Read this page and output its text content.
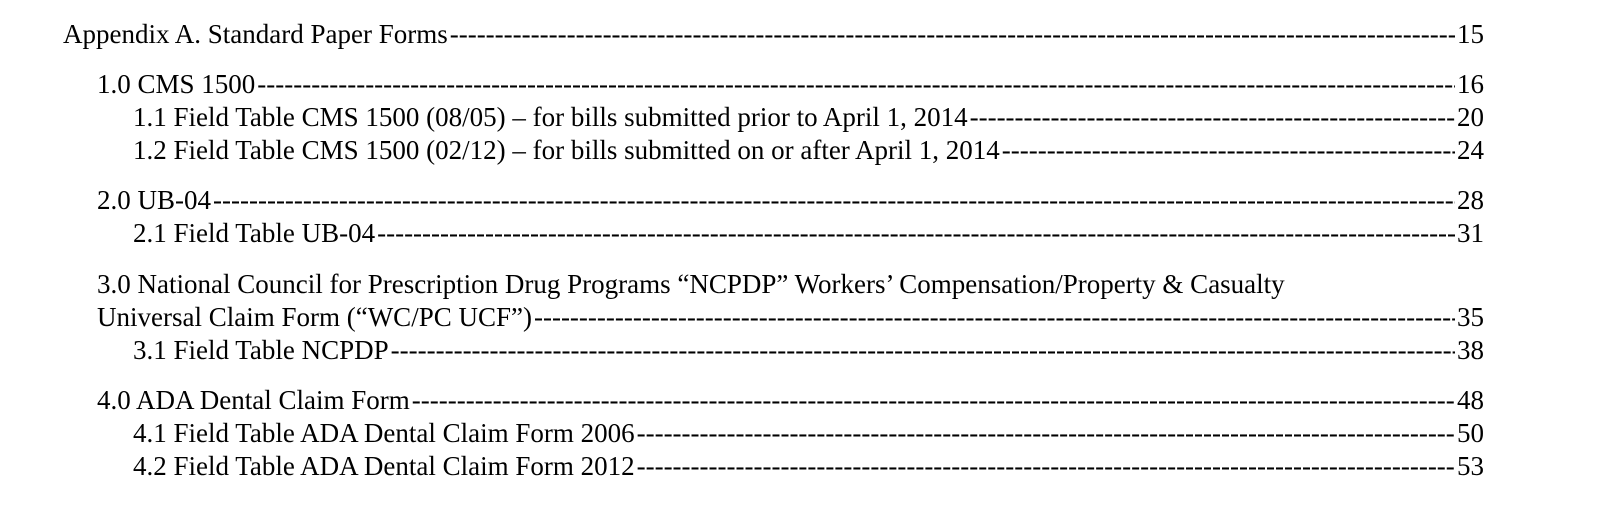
Appendix A. Standard Paper Forms -----	15
1.0 CMS 1500 -----	16
1.1 Field Table CMS 1500 (08/05) – for bills submitted prior to April 1, 2014 -----	20
1.2 Field Table CMS 1500 (02/12) – for bills submitted on or after April 1, 2014 -----	24
2.0 UB-04 -----	28
2.1 Field Table UB-04 -----	31
3.0 National Council for Prescription Drug Programs “NCPDP” Workers’ Compensation/Property & Casualty
Universal Claim Form (“WC/PC UCF”) -----	35
3.1 Field Table NCPDP -----	38
4.0 ADA Dental Claim Form -----	48
4.1 Field Table ADA Dental Claim Form 2006 -----	50
4.2 Field Table ADA Dental Claim Form 2012 -----	53
